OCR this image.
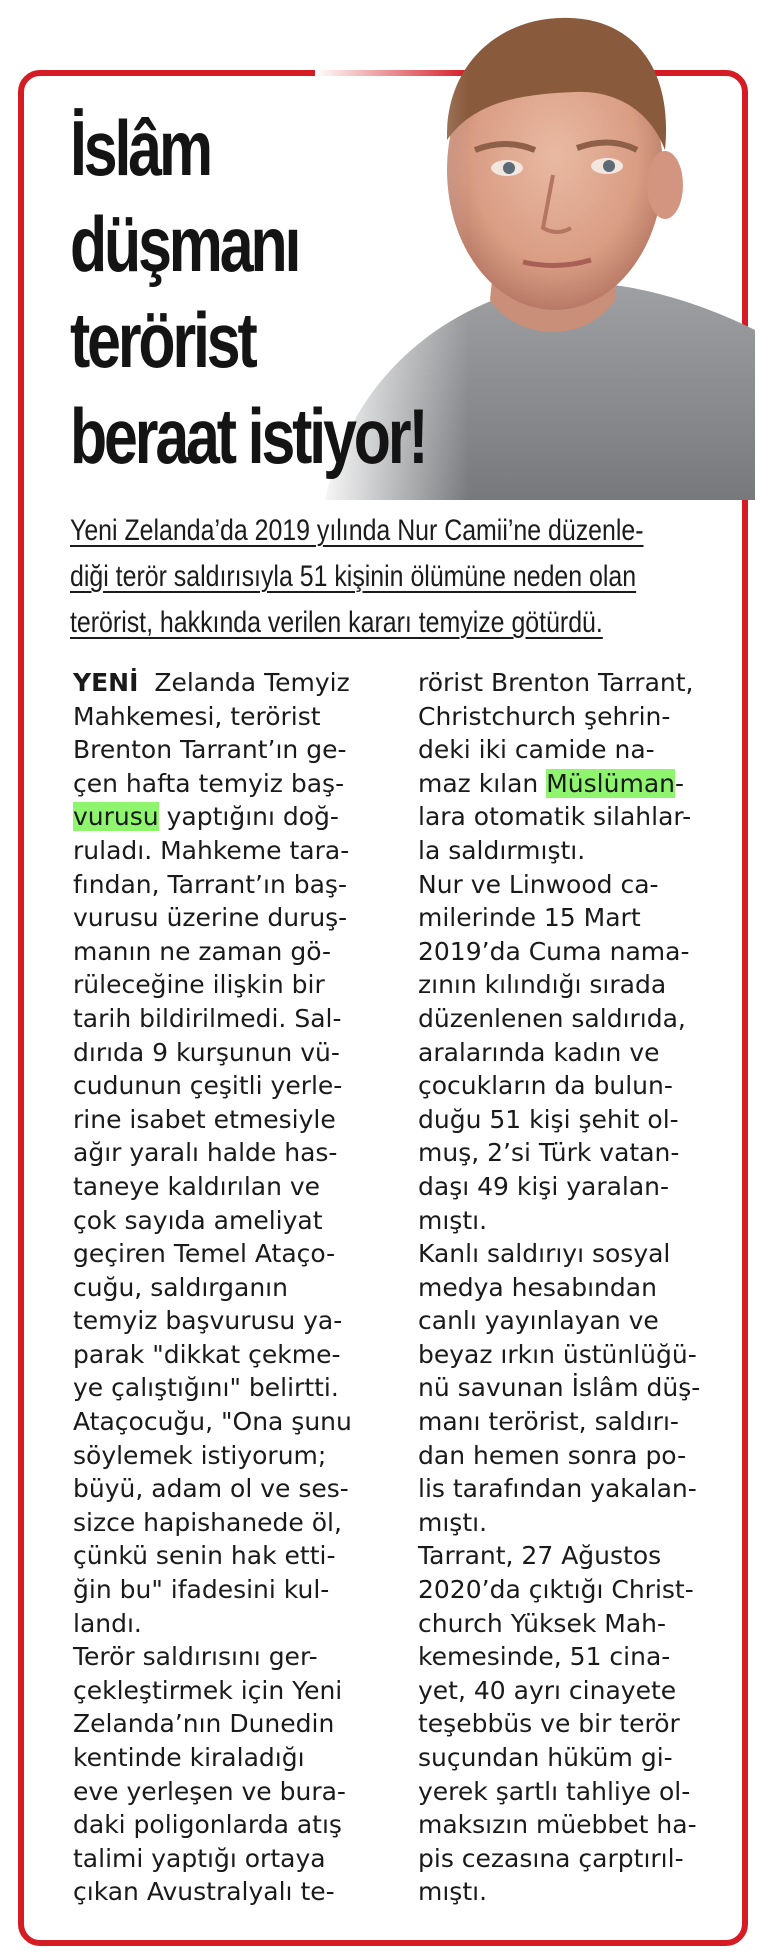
İslâm
düşmanı
terörist
beraat istiyor!
Yeni Zelanda’da 2019 yılında Nur Camii’ne düzenle-
diği terör saldırısıyla 51 kişinin ölümüne neden olan
terörist, hakkında verilen kararı temyize götürdü.
YENİ Zelanda Temyiz
Mahkemesi, terörist
Brenton Tarrant’ın ge-
çen hafta temyiz baş-
vurusu yaptığını doğ-
ruladı. Mahkeme tara-
fından, Tarrant’ın baş-
vurusu üzerine duruş-
manın ne zaman gö-
rüleceğine ilişkin bir
tarih bildirilmedi. Sal-
dırıda 9 kurşunun vü-
cudunun çeşitli yerle-
rine isabet etmesiyle
ağır yaralı halde has-
taneye kaldırılan ve
çok sayıda ameliyat
geçiren Temel Ataço-
cuğu, saldırganın
temyiz başvurusu ya-
parak "dikkat çekme-
ye çalıştığını" belirtti.
Ataçocuğu, "Ona şunu
söylemek istiyorum;
büyü, adam ol ve ses-
sizce hapishanede öl,
çünkü senin hak etti-
ğin bu" ifadesini kul-
landı.
Terör saldırısını ger-
çekleştirmek için Yeni
Zelanda’nın Dunedin
kentinde kiraladığı
eve yerleşen ve bura-
daki poligonlarda atış
talimi yaptığı ortaya
çıkan Avustralyalı te-
rörist Brenton Tarrant,
Christchurch şehrin-
deki iki camide na-
maz kılan Müslüman-
lara otomatik silahlar-
la saldırmıştı.
Nur ve Linwood ca-
milerinde 15 Mart
2019’da Cuma nama-
zının kılındığı sırada
düzenlenen saldırıda,
aralarında kadın ve
çocukların da bulun-
duğu 51 kişi şehit ol-
muş, 2’si Türk vatan-
daşı 49 kişi yaralan-
mıştı.
Kanlı saldırıyı sosyal
medya hesabından
canlı yayınlayan ve
beyaz ırkın üstünlüğü-
nü savunan İslâm düş-
manı terörist, saldırı-
dan hemen sonra po-
lis tarafından yakalan-
mıştı.
Tarrant, 27 Ağustos
2020’da çıktığı Christ-
church Yüksek Mah-
kemesinde, 51 cina-
yet, 40 ayrı cinayete
teşebbüs ve bir terör
suçundan hüküm gi-
yerek şartlı tahliye ol-
maksızın müebbet ha-
pis cezasına çarptırıl-
mıştı.
